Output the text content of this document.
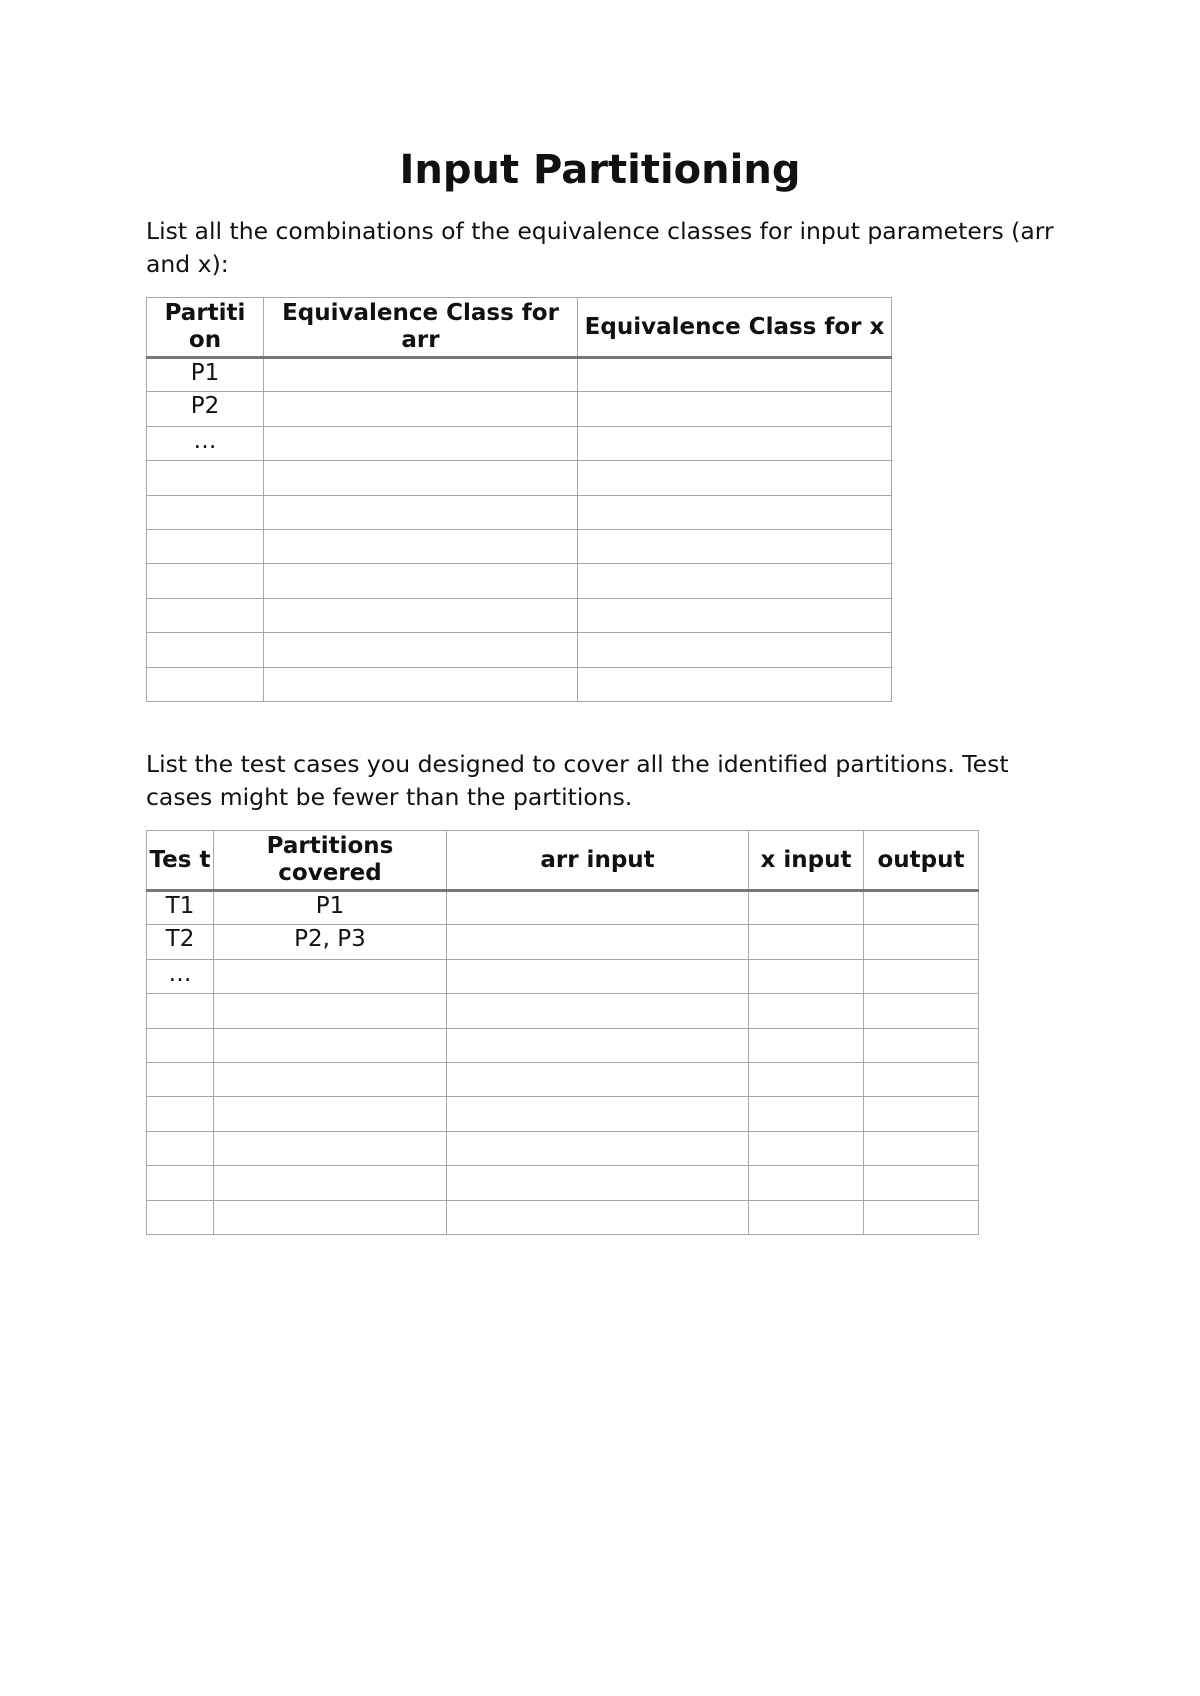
Input Partitioning

List all the combinations of the equivalence classes for input parameters (arr and x):

Partiti on	Equivalence Class for arr	Equivalence Class for x
P1		
P2		
…		

List the test cases you designed to cover all the identified partitions. Test cases might be fewer than the partitions.

Tes t	Partitions covered	arr input	x input	output
T1	P1			
T2	P2, P3			
…				
